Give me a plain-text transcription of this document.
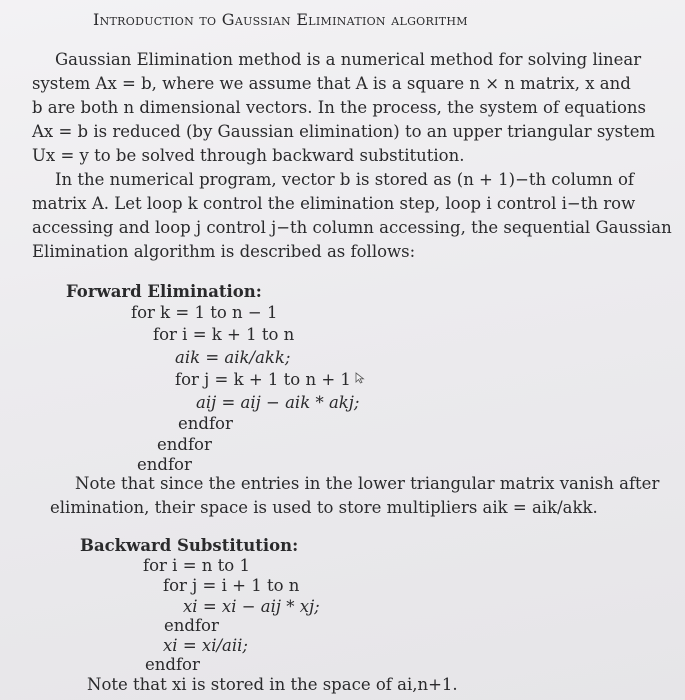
Introduction to Gaussian Elimination algorithm
Gaussian Elimination method is a numerical method for solving linear
system Ax = b, where we assume that A is a square n × n matrix, x and
b are both n dimensional vectors. In the process, the system of equations
Ax = b is reduced (by Gaussian elimination) to an upper triangular system
Ux = y to be solved through backward substitution.
In the numerical program, vector b is stored as (n + 1)−th column of
matrix A. Let loop k control the elimination step, loop i control i−th row
accessing and loop j control j−th column accessing, the sequential Gaussian
Elimination algorithm is described as follows:
Forward Elimination:
for k = 1 to n − 1
for i = k + 1 to n
aik = aik/akk;
for j = k + 1 to n + 1
aij = aij − aik * akj;
endfor
endfor
endfor
Note that since the entries in the lower triangular matrix vanish after
elimination, their space is used to store multipliers aik = aik/akk.
Backward Substitution:
for i = n to 1
for j = i + 1 to n
xi = xi − aij * xj;
endfor
xi = xi/aii;
endfor
Note that xi is stored in the space of ai,n+1.
